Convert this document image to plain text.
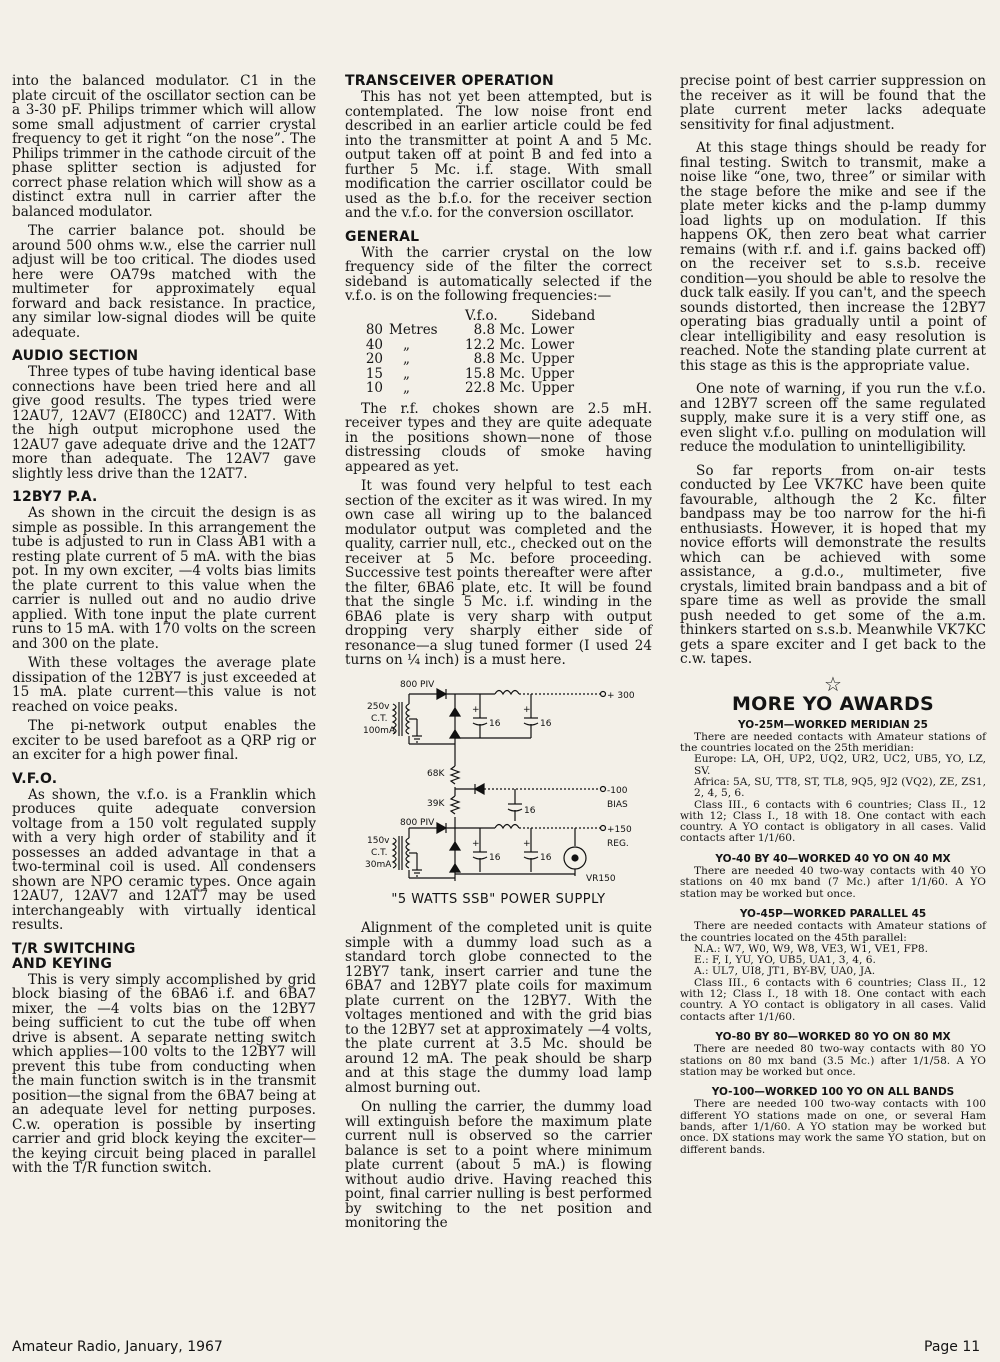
into the balanced modulator. C1 in the plate circuit of the oscillator section can be a 3-30 pF. Philips trimmer which will allow some small adjustment of carrier crystal frequency to get it right “on the nose”. The Philips trimmer in the cathode circuit of the phase splitter section is adjusted for correct phase relation which will show as a distinct extra null in carrier after the balanced modulator.

The carrier balance pot. should be around 500 ohms w.w., else the carrier null adjust will be too critical. The diodes used here were OA79s matched with the multimeter for approximately equal forward and back resistance. In practice, any similar low-signal diodes will be quite adequate.

AUDIO SECTION

Three types of tube having identical base connections have been tried here and all give good results. The types tried were 12AU7, 12AV7 (EI80CC) and 12AT7. With the high output microphone used the 12AU7 gave adequate drive and the 12AT7 more than adequate. The 12AV7 gave slightly less drive than the 12AT7.

12BY7 P.A.

As shown in the circuit the design is as simple as possible. In this arrangement the tube is adjusted to run in Class AB1 with a resting plate current of 5 mA. with the bias pot. In my own exciter, —4 volts bias limits the plate current to this value when the carrier is nulled out and no audio drive applied. With tone input the plate current runs to 15 mA. with 170 volts on the screen and 300 on the plate.

With these voltages the average plate dissipation of the 12BY7 is just exceeded at 15 mA. plate current—this value is not reached on voice peaks.

The pi-network output enables the exciter to be used barefoot as a QRP rig or an exciter for a high power final.

V.F.O.

As shown, the v.f.o. is a Franklin which produces quite adequate conversion voltage from a 150 volt regulated supply with a very high order of stability and it possesses an added advantage in that a two-terminal coil is used. All condensers shown are NPO ceramic types. Once again 12AU7, 12AV7 and 12AT7 may be used interchangeably with virtually identical results.

T/R SWITCHING
AND KEYING

This is very simply accomplished by grid block biasing of the 6BA6 i.f. and 6BA7 mixer, the —4 volts bias on the 12BY7 being sufficient to cut the tube off when drive is absent. A separate netting switch which applies—100 volts to the 12BY7 will prevent this tube from conducting when the main function switch is in the transmit position—the signal from the 6BA7 being at an adequate level for netting purposes. C.w. operation is possible by inserting carrier and grid block keying the exciter—the keying circuit being placed in parallel with the T/R function switch.

TRANSCEIVER OPERATION

This has not yet been attempted, but is contemplated. The low noise front end described in an earlier article could be fed into the transmitter at point A and 5 Mc. output taken off at point B and fed into a further 5 Mc. i.f. stage. With small modification the carrier oscillator could be used as the b.f.o. for the receiver section and the v.f.o. for the conversion oscillator.

GENERAL

With the carrier crystal on the low frequency side of the filter the correct sideband is automatically selected if the v.f.o. is on the following frequencies:—

		V.f.o.	Sideband
80	Metres	8.8 Mc.	Lower
40	„	12.2 Mc.	Lower
20	„	8.8 Mc.	Upper
15	„	15.8 Mc.	Upper
10	„	22.8 Mc.	Upper

The r.f. chokes shown are 2.5 mH. receiver types and they are quite adequate in the positions shown—none of those distressing clouds of smoke having appeared as yet.

It was found very helpful to test each section of the exciter as it was wired. In my own case all wiring up to the balanced modulator output was completed and the quality, carrier null, etc., checked out on the receiver at 5 Mc. before proceeding. Successive test points thereafter were after the filter, 6BA6 plate, etc. It will be found that the single 5 Mc. i.f. winding in the 6BA6 plate is very sharp with output dropping very sharply either side of resonance—a slug tuned former (I used 24 turns on ¼ inch) is a must here.

250v
C.T.
100mA
800 PIV
+ 300
+
16
+
16
68K
39K
-100
BIAS
16
150v
C.T.
30mA
800 PIV
+150
REG.
+
16
+
16
VR150
"5 WATTS SSB" POWER SUPPLY

Alignment of the completed unit is quite simple with a dummy load such as a standard torch globe connected to the 12BY7 tank, insert carrier and tune the 6BA7 and 12BY7 plate coils for maximum plate current on the 12BY7. With the voltages mentioned and with the grid bias to the 12BY7 set at approximately —4 volts, the plate current at 3.5 Mc. should be around 12 mA. The peak should be sharp and at this stage the dummy load lamp almost burning out.

On nulling the carrier, the dummy load will extinguish before the maximum plate current null is observed so the carrier balance is set to a point where minimum plate current (about 5 mA.) is flowing without audio drive. Having reached this point, final carrier nulling is best performed by switching to the net position and monitoring the

precise point of best carrier suppression on the receiver as it will be found that the plate current meter lacks adequate sensitivity for final adjustment.

At this stage things should be ready for final testing. Switch to transmit, make a noise like “one, two, three” or similar with the stage before the mike and see if the plate meter kicks and the p-lamp dummy load lights up on modulation. If this happens OK, then zero beat what carrier remains (with r.f. and i.f. gains backed off) on the receiver set to s.s.b. receive condition—you should be able to resolve the duck talk easily. If you can't, and the speech sounds distorted, then increase the 12BY7 operating bias gradually until a point of clear intelligibility and easy resolution is reached. Note the standing plate current at this stage as this is the appropriate value.

One note of warning, if you run the v.f.o. and 12BY7 screen off the same regulated supply, make sure it is a very stiff one, as even slight v.f.o. pulling on modulation will reduce the modulation to unintelligibility.

So far reports from on-air tests conducted by Lee VK7KC have been quite favourable, although the 2 Kc. filter bandpass may be too narrow for the hi-fi enthusiasts. However, it is hoped that my novice efforts will demonstrate the results which can be achieved with some assistance, a g.d.o., multimeter, five crystals, limited brain bandpass and a bit of spare time as well as provide the small push needed to get some of the a.m. thinkers started on s.s.b. Meanwhile VK7KC gets a spare exciter and I get back to the c.w. tapes.

☆
MORE YO AWARDS
YO-25M—WORKED MERIDIAN 25
There are needed contacts with Amateur stations of the countries located on the 25th meridian:
Europe: LA, OH, UP2, UQ2, UR2, UC2, UB5, YO, LZ, SV.
Africa: 5A, SU, TT8, ST, TL8, 9Q5, 9J2 (VQ2), ZE, ZS1, 2, 4, 5, 6.
Class III., 6 contacts with 6 countries; Class II., 12 with 12; Class I., 18 with 18. One contact with each country. A YO contact is obligatory in all cases. Valid contacts after 1/1/60.
YO-40 BY 40—WORKED 40 YO ON 40 MX
There are needed 40 two-way contacts with 40 YO stations on 40 mx band (7 Mc.) after 1/1/60. A YO station may be worked but once.
YO-45P—WORKED PARALLEL 45
There are needed contacts with Amateur stations of the countries located on the 45th parallel:
N.A.: W7, W0, W9, W8, VE3, W1, VE1, FP8.
E.: F, I, YU, YO, UB5, UA1, 3, 4, 6.
A.: UL7, UI8, JT1, BY-BV, UA0, JA.
Class III., 6 contacts with 6 countries; Class II., 12 with 12; Class I., 18 with 18. One contact with each country. A YO contact is obligatory in all cases. Valid contacts after 1/1/60.
YO-80 BY 80—WORKED 80 YO ON 80 MX
There are needed 80 two-way contacts with 80 YO stations on 80 mx band (3.5 Mc.) after 1/1/58. A YO station may be worked but once.
YO-100—WORKED 100 YO ON ALL BANDS
There are needed 100 two-way contacts with 100 different YO stations made on one, or several Ham bands, after 1/1/60. A YO station may be worked but once. DX stations may work the same YO station, but on different bands.
Amateur Radio, January, 1967	Page 11
